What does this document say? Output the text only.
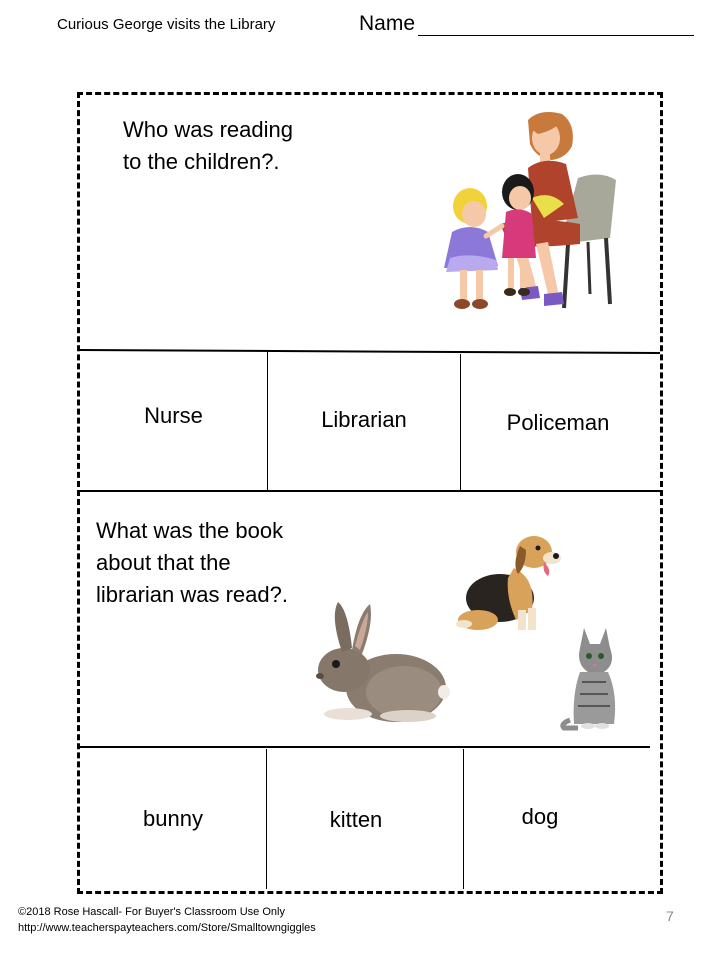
Curious George visits the Library	Name
Who was reading
to the children?.
Nurse	Librarian	Policeman
What was the book
about that the
librarian was read?.
bunny	kitten	dog
©2018 Rose Hascall- For Buyer's Classroom Use Only
http://www.teacherspayteachers.com/Store/Smalltowngiggles
7
